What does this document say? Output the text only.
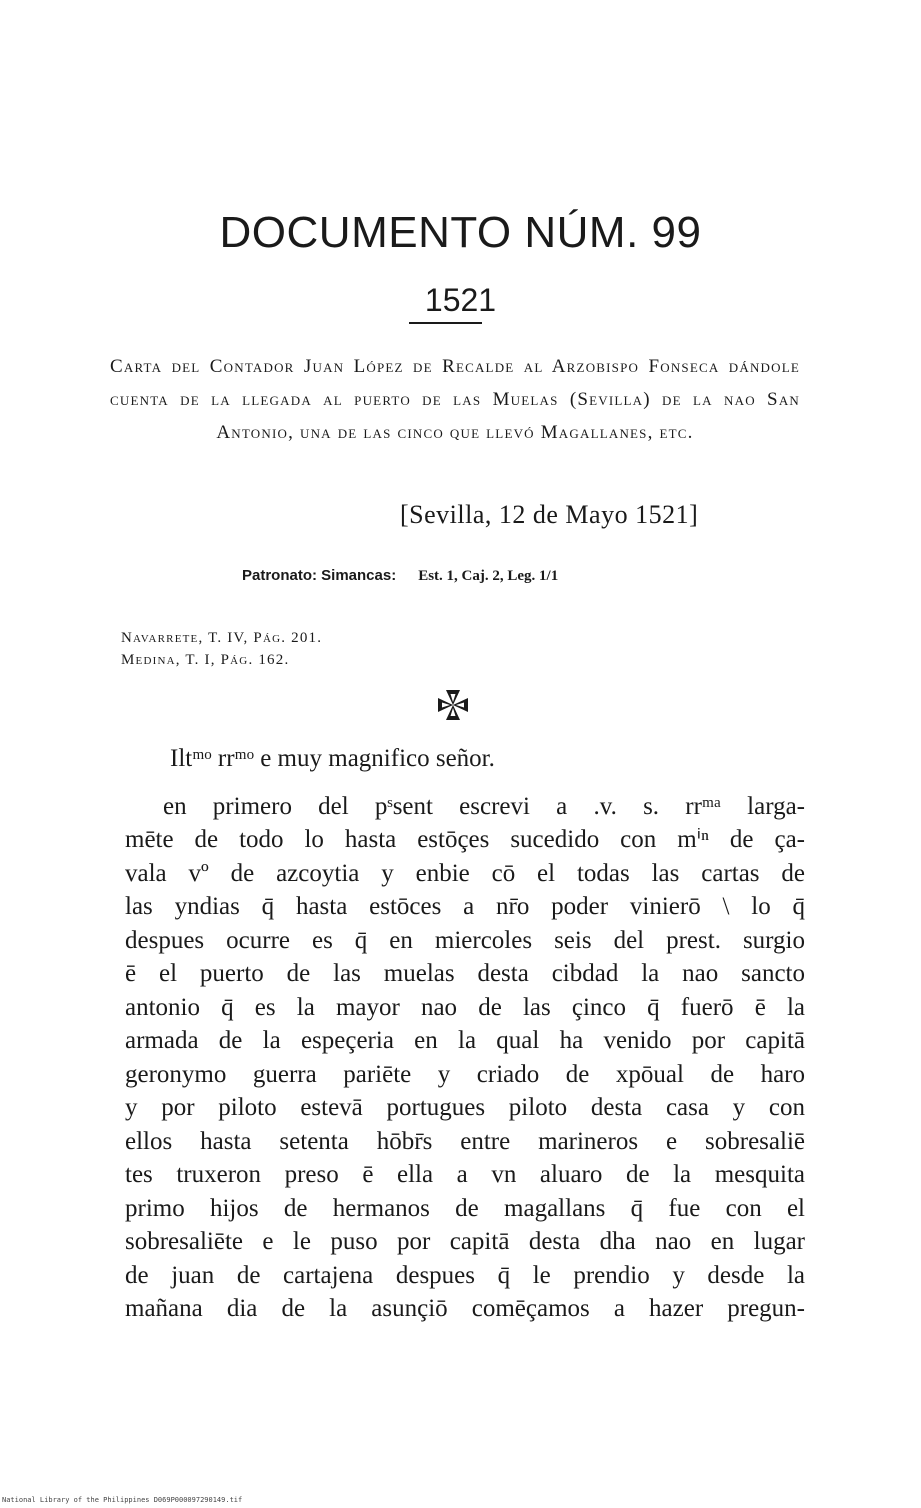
DOCUMENTO NÚM. 99
1521
Carta del Contador Juan López de Recalde al Arzobispo Fonseca dándole cuenta de la llegada al puerto de las Muelas (Sevilla) de la nao San Antonio, una de las cinco que llevó Magallanes, etc.
[Sevilla, 12 de Mayo 1521]
Patronato: Simancas: Est. 1, Caj. 2, Leg. 1/1
Navarrete, T. IV, Pág. 201.
Medina, T. I, Pág. 162.
Iltᵐᵒ rrᵐᵒ e muy magnifico señor.
en primero del pˢsent escrevi a .v. s. rrᵐᵃ larga-
mēte de todo lo hasta estōçes sucedido con mⁱⁿ de ça-
vala vº de azcoytia y enbie cō el todas las cartas de
las yndias q̄ hasta estōces a nr̄o poder vinierō \ lo q̄
despues ocurre es q̄ en miercoles seis del prest. surgio
ē el puerto de las muelas desta cibdad la nao sancto
antonio q̄ es la mayor nao de las çinco q̄ fuerō ē la
armada de la espeçeria en la qual ha venido por capitā
geronymo guerra pariēte y criado de xpōual de haro
y por piloto estevā portugues piloto desta casa y con
ellos hasta setenta hōbr̄s entre marineros e sobresaliē
tes truxeron preso ē ella a vn aluaro de la mesquita
primo hijos de hermanos de magallans q̄ fue con el
sobresaliēte e le puso por capitā desta dha nao en lugar
de juan de cartajena despues q̄ le prendio y desde la
mañana dia de la asunçiō comēçamos a hazer pregun-
National Library of the Philippines D069P000097290149.tif
